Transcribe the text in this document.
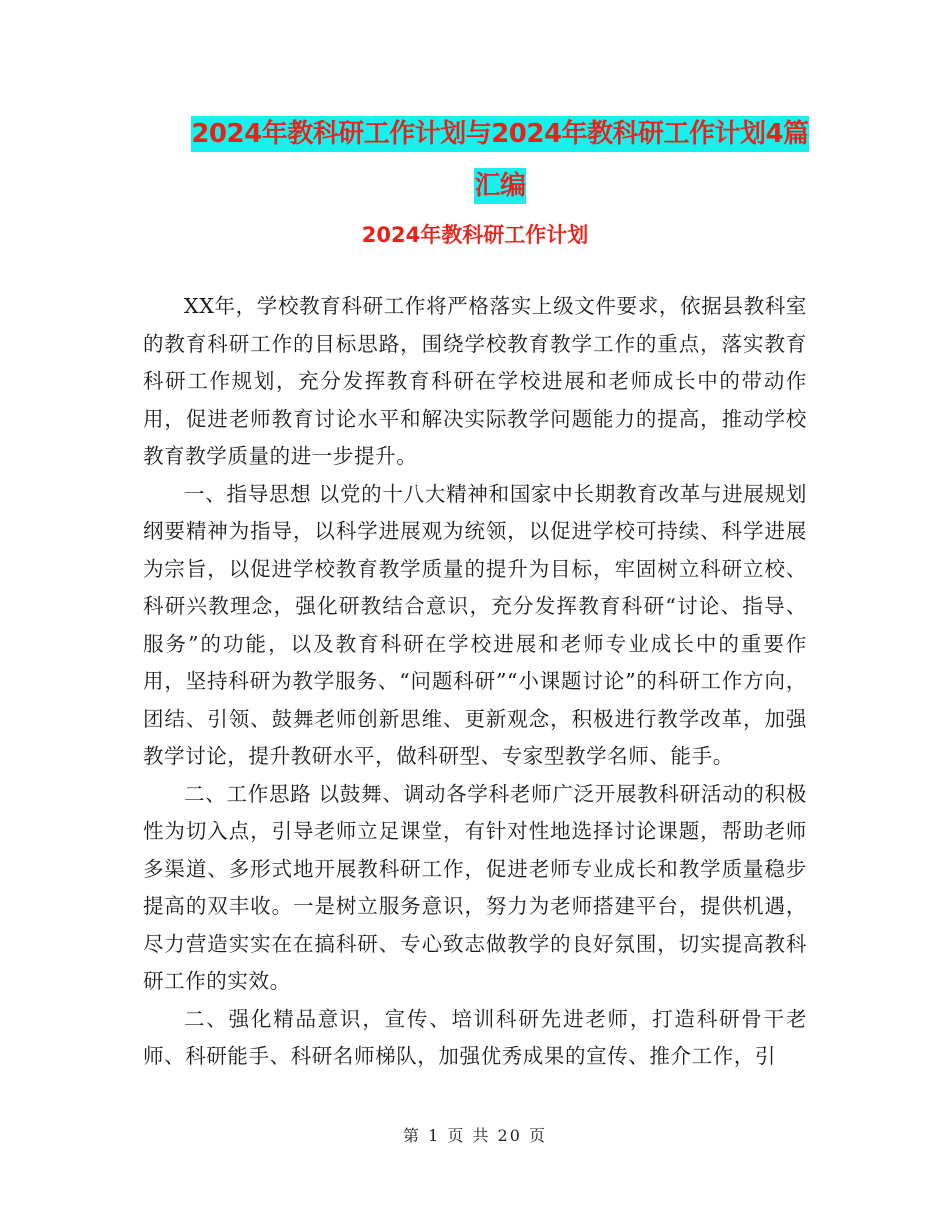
2024年教科研工作计划与2024年教科研工作计划4篇汇编
2024年教科研工作计划

XX年，学校教育科研工作将严格落实上级文件要求，依据县教科室的教育科研工作的目标思路，围绕学校教育教学工作的重点，落实教育科研工作规划，充分发挥教育科研在学校进展和老师成长中的带动作用，促进老师教育讨论水平和解决实际教学问题能力的提高，推动学校教育教学质量的进一步提升。

一、指导思想 以党的十八大精神和国家中长期教育改革与进展规划纲要精神为指导，以科学进展观为统领，以促进学校可持续、科学进展为宗旨，以促进学校教育教学质量的提升为目标，牢固树立科研立校、科研兴教理念，强化研教结合意识，充分发挥教育科研“讨论、指导、服务”的功能，以及教育科研在学校进展和老师专业成长中的重要作用，坚持科研为教学服务、“问题科研”“小课题讨论”的科研工作方向，团结、引领、鼓舞老师创新思维、更新观念，积极进行教学改革，加强教学讨论，提升教研水平，做科研型、专家型教学名师、能手。

二、工作思路 以鼓舞、调动各学科老师广泛开展教科研活动的积极性为切入点，引导老师立足课堂，有针对性地选择讨论课题，帮助老师多渠道、多形式地开展教科研工作，促进老师专业成长和教学质量稳步提高的双丰收。一是树立服务意识，努力为老师搭建平台，提供机遇，尽力营造实实在在搞科研、专心致志做教学的良好氛围，切实提高教科研工作的实效。

二、强化精品意识，宣传、培训科研先进老师，打造科研骨干老师、科研能手、科研名师梯队，加强优秀成果的宣传、推介工作，引

第 1 页 共 20 页
